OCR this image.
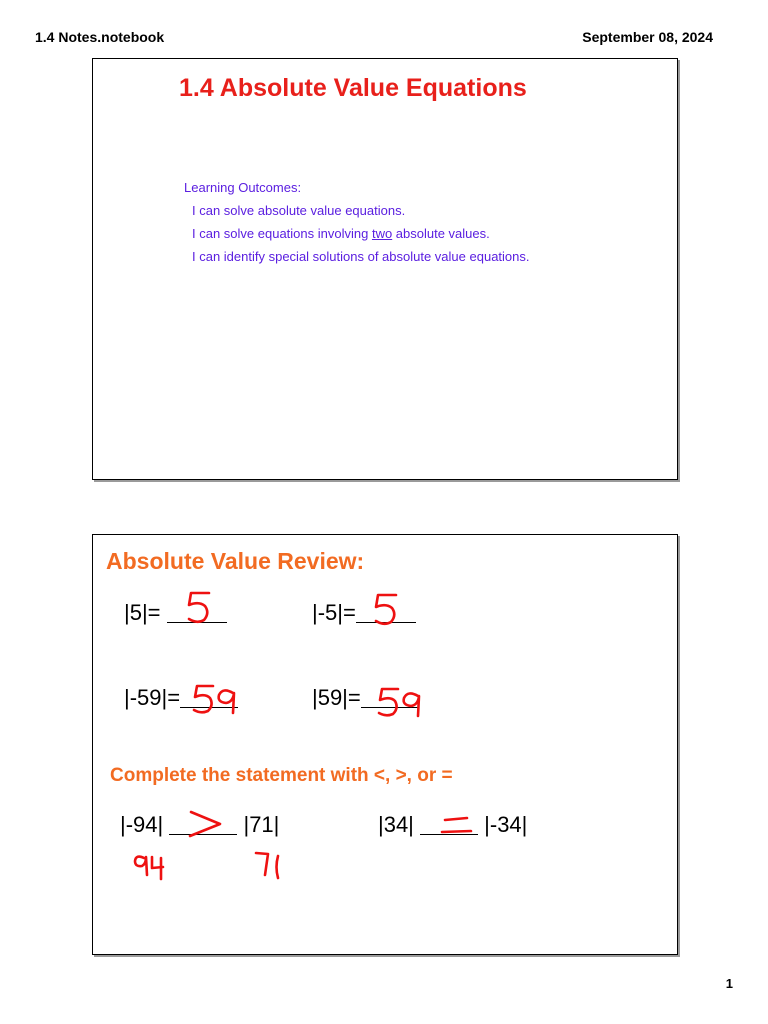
1.4 Notes.notebook	September 08, 2024
1.4 Absolute Value Equations
Learning Outcomes:
I can solve absolute value equations.
I can solve equations involving two absolute values.
I can identify special solutions of absolute value equations.
Absolute Value Review:
|5|=	|-5|=
|-59|=	|59|=
Complete the statement with <, >, or =
|-94|	|71|	|34|	|-34|
1
